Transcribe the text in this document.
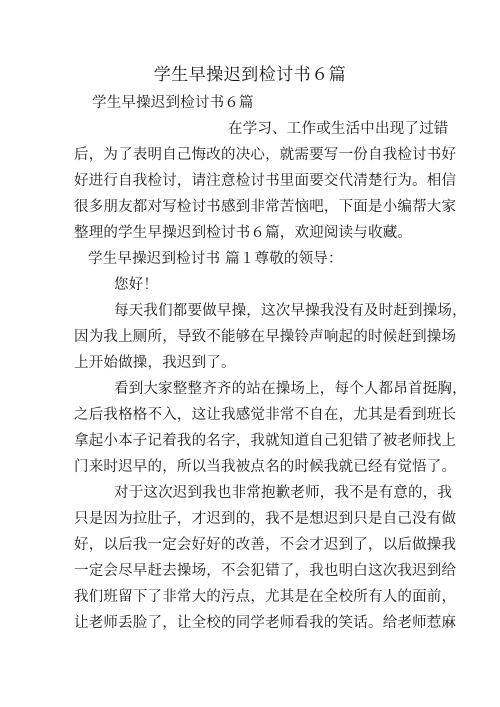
学生早操迟到检讨书６篇
学生早操迟到检讨书６篇
在学习、工作或生活中出现了过错
后，为了表明自己悔改的决心，就需要写一份自我检讨书好
好进行自我检讨，请注意检讨书里面要交代清楚行为。相信
很多朋友都对写检讨书感到非常苦恼吧，下面是小编帮大家
整理的学生早操迟到检讨书６篇，欢迎阅读与收藏。
学生早操迟到检讨书 篇１尊敬的领导：
您好！
每天我们都要做早操，这次早操我没有及时赶到操场，
因为我上厕所，导致不能够在早操铃声响起的时候赶到操场
上开始做操，我迟到了。
看到大家整整齐齐的站在操场上，每个人都昂首挺胸，
之后我格格不入，这让我感觉非常不自在，尤其是看到班长
拿起小本子记着我的名字，我就知道自己犯错了被老师找上
门来时迟早的，所以当我被点名的时候我就已经有觉悟了。
对于这次迟到我也非常抱歉老师，我不是有意的，我
只是因为拉肚子，才迟到的，我不是想迟到只是自己没有做
好，以后我一定会好好的改善，不会才迟到了，以后做操我
一定会尽早赶去操场，不会犯错了，我也明白这次我迟到给
我们班留下了非常大的污点，尤其是在全校所有人的面前，
让老师丢脸了，让全校的同学老师看我的笑话。给老师惹麻
